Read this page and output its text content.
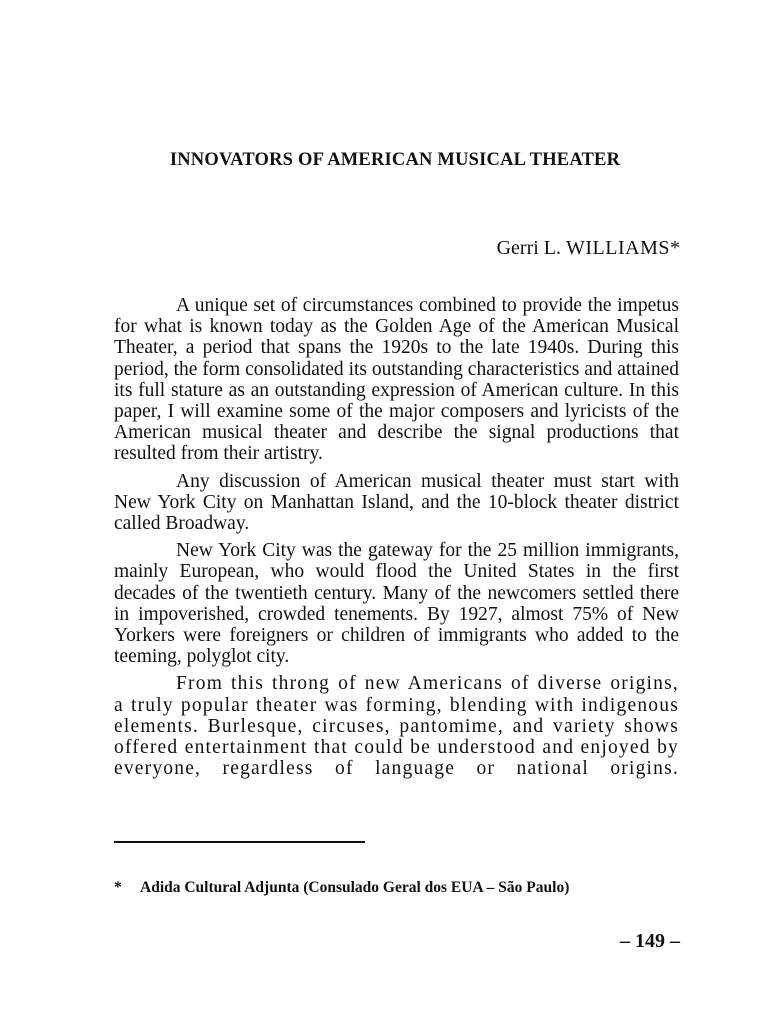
INNOVATORS OF AMERICAN MUSICAL THEATER
Gerri L. WILLIAMS*

A unique set of circumstances combined to provide the impetus for what is known today as the Golden Age of the American Musical Theater, a period that spans the 1920s to the late 1940s. During this period, the form consolidated its outstanding characteristics and attained its full stature as an outstanding expression of American culture. In this paper, I will examine some of the major composers and lyricists of the American musical theater and describe the signal productions that resulted from their artistry.

Any discussion of American musical theater must start with New York City on Manhattan Island, and the 10-block theater district called Broadway.

New York City was the gateway for the 25 million immigrants, mainly European, who would flood the United States in the first decades of the twentieth century. Many of the newcomers settled there in impoverished, crowded tenements. By 1927, almost 75% of New Yorkers were foreigners or children of immigrants who added to the teeming, polyglot city.

From this throng of new Americans of diverse origins, a truly popular theater was forming, blending with indigenous elements. Burlesque, circuses, pantomime, and variety shows offered entertainment that could be understood and enjoyed by everyone, regardless of language or national origins.

* Adida Cultural Adjunta (Consulado Geral dos EUA – São Paulo)
– 149 –
